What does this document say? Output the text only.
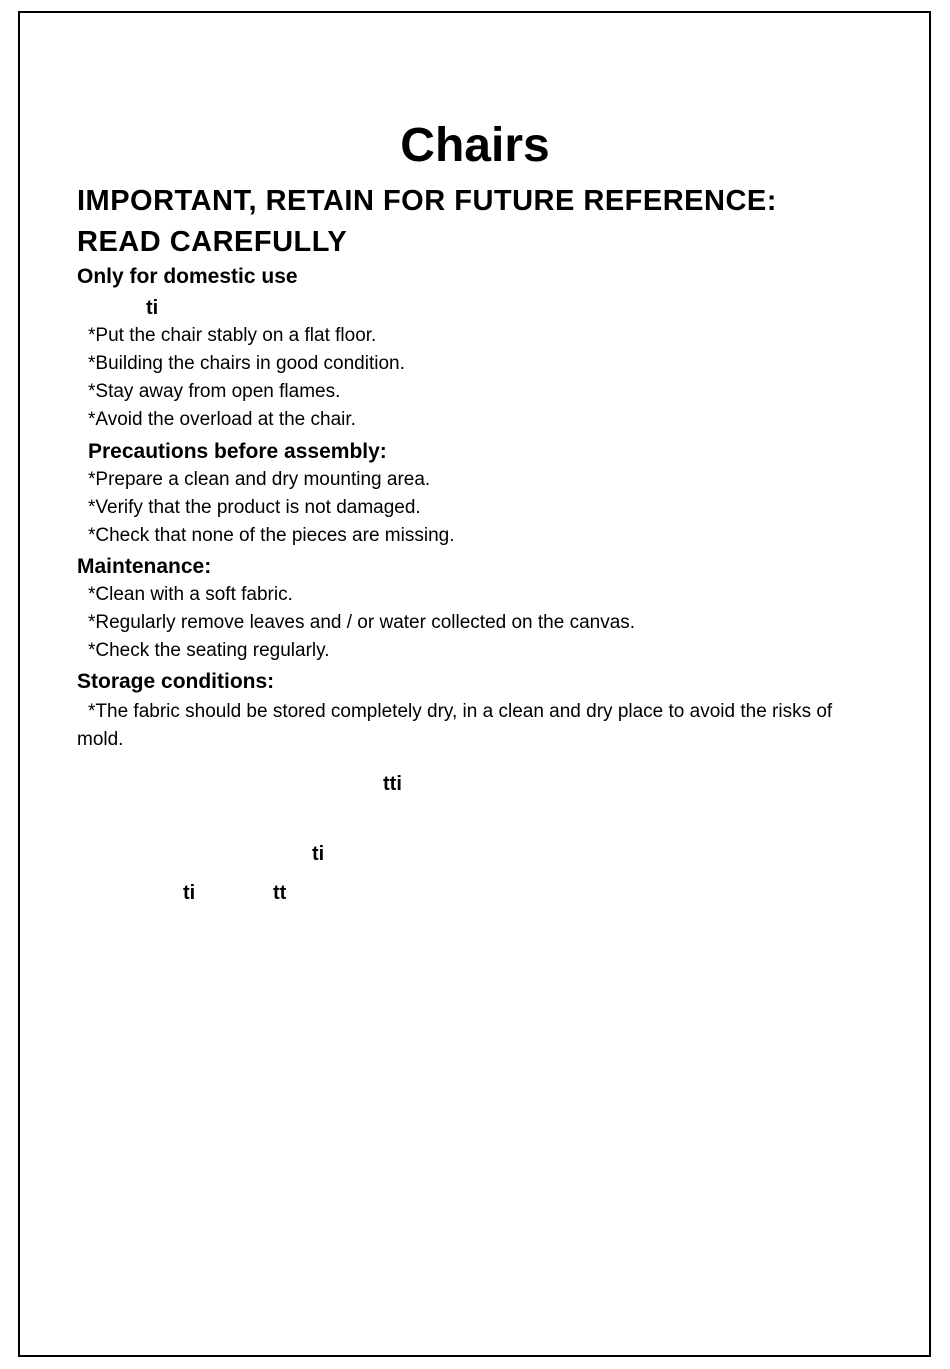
Chairs
IMPORTANT, RETAIN FOR FUTURE REFERENCE:
READ CAREFULLY
Only for domestic use
ti
*Put the chair stably on a flat floor.
*Building the chairs in good condition.
*Stay away from open flames.
*Avoid the overload at the chair.
Precautions before assembly:
*Prepare a clean and dry mounting area.
*Verify that the product is not damaged.
*Check that none of the pieces are missing.
Maintenance:
*Clean with a soft fabric.
*Regularly remove leaves and / or water collected on the canvas.
*Check the seating regularly.
Storage conditions:
*The fabric should be stored completely dry, in a clean and dry place to avoid the risks of mold.
tti
ti
ti	tt
